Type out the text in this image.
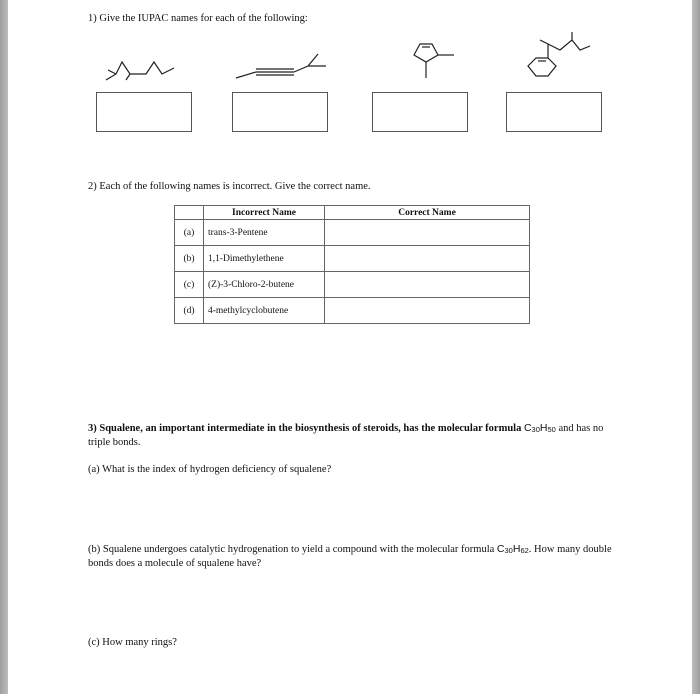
1) Give the IUPAC names for each of the following:
2) Each of the following names is incorrect. Give the correct name.
	Incorrect Name	Correct Name
(a)	trans-3-Pentene	
(b)	1,1-Dimethylethene	
(c)	(Z)-3-Chloro-2-butene	
(d)	4-methylcyclobutene	
3) Squalene, an important intermediate in the biosynthesis of steroids, has the molecular formula C30H50 and has no triple bonds.
(a) What is the index of hydrogen deficiency of squalene?
(b) Squalene undergoes catalytic hydrogenation to yield a compound with the molecular formula C30H62. How many double bonds does a molecule of squalene have?
(c) How many rings?
